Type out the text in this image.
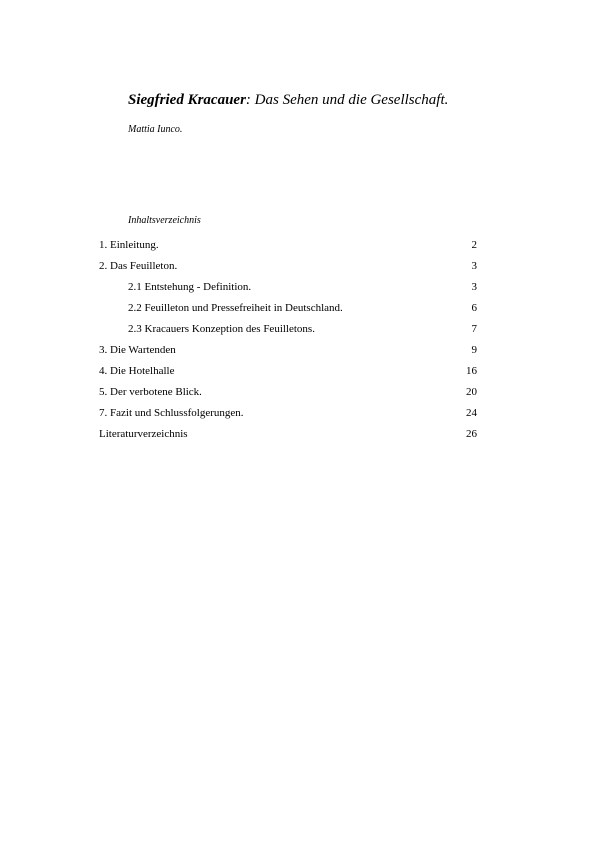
Siegfried Kracauer: Das Sehen und die Gesellschaft.
Mattia Iunco.
Inhaltsverzeichnis
1. Einleitung.	2
2. Das Feuilleton.	3
2.1 Entstehung - Definition.	3
2.2 Feuilleton und Pressefreiheit in Deutschland.	6
2.3 Kracauers Konzeption des Feuilletons.	7
3. Die Wartenden	9
4. Die Hotelhalle	16
5. Der verbotene Blick.	20
7. Fazit und Schlussfolgerungen.	24
Literaturverzeichnis	26
